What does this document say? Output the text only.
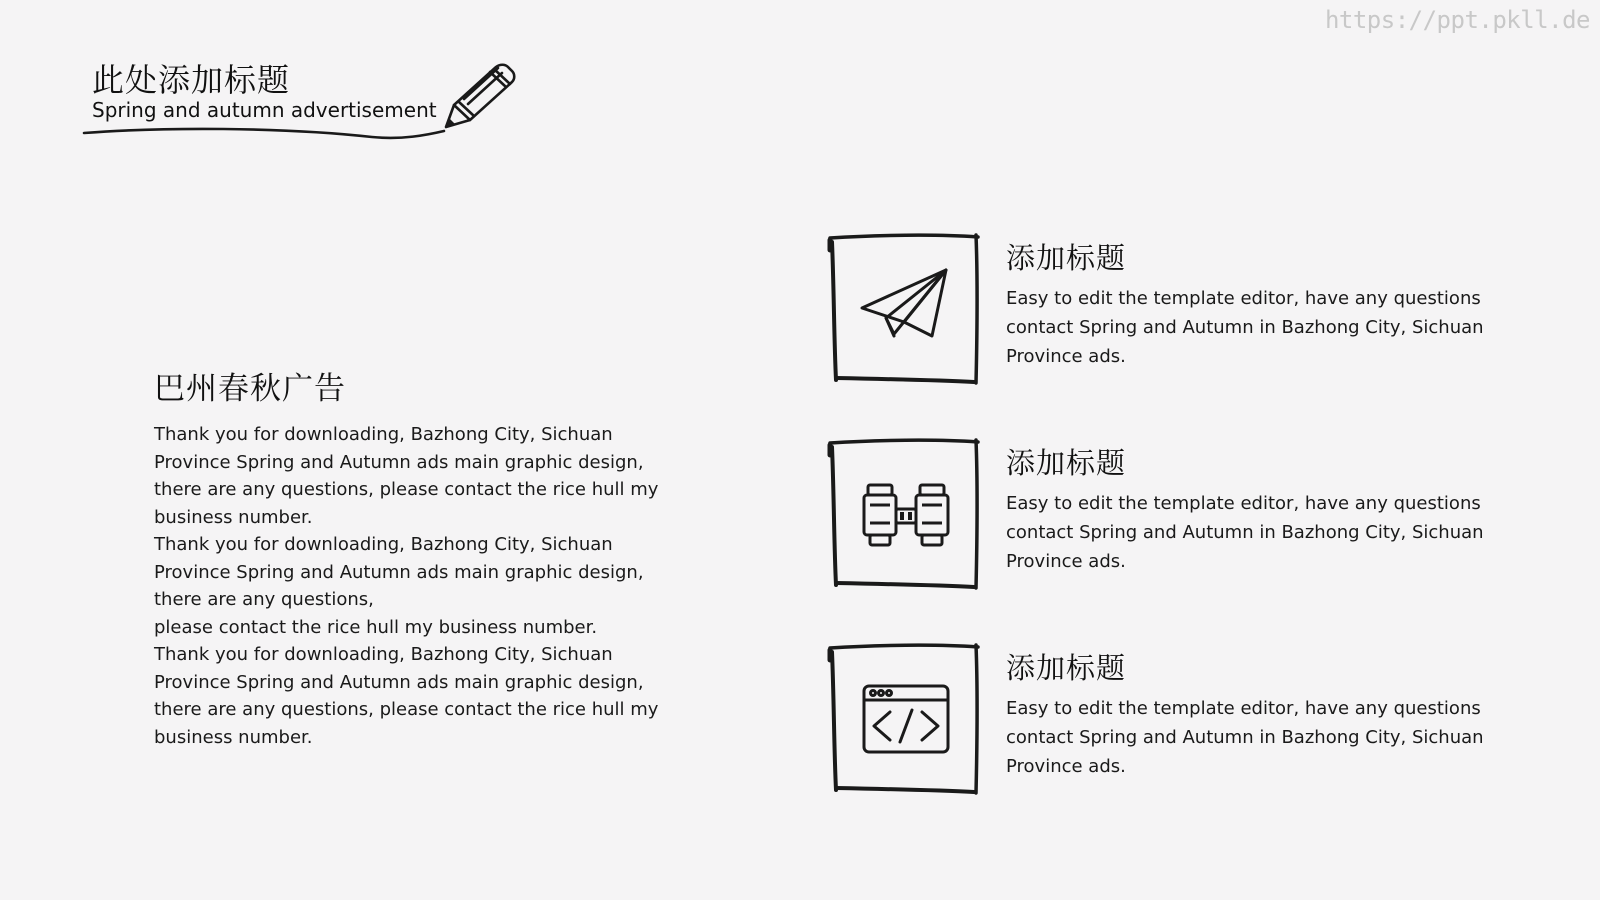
https://ppt.pkll.de
此处添加标题
Spring and autumn advertisement
巴州春秋广告

Thank you for downloading, Bazhong City, Sichuan Province Spring and Autumn ads main graphic design, there are any questions, please contact the rice hull my business number.

Thank you for downloading, Bazhong City, Sichuan Province Spring and Autumn ads main graphic design, there are any questions,

please contact the rice hull my business number.

Thank you for downloading, Bazhong City, Sichuan Province Spring and Autumn ads main graphic design, there are any questions, please contact the rice hull my business number.

添加标题

Easy to edit the template editor, have any questions contact Spring and Autumn in Bazhong City, Sichuan Province ads.

添加标题

Easy to edit the template editor, have any questions contact Spring and Autumn in Bazhong City, Sichuan Province ads.

添加标题

Easy to edit the template editor, have any questions contact Spring and Autumn in Bazhong City, Sichuan Province ads.
